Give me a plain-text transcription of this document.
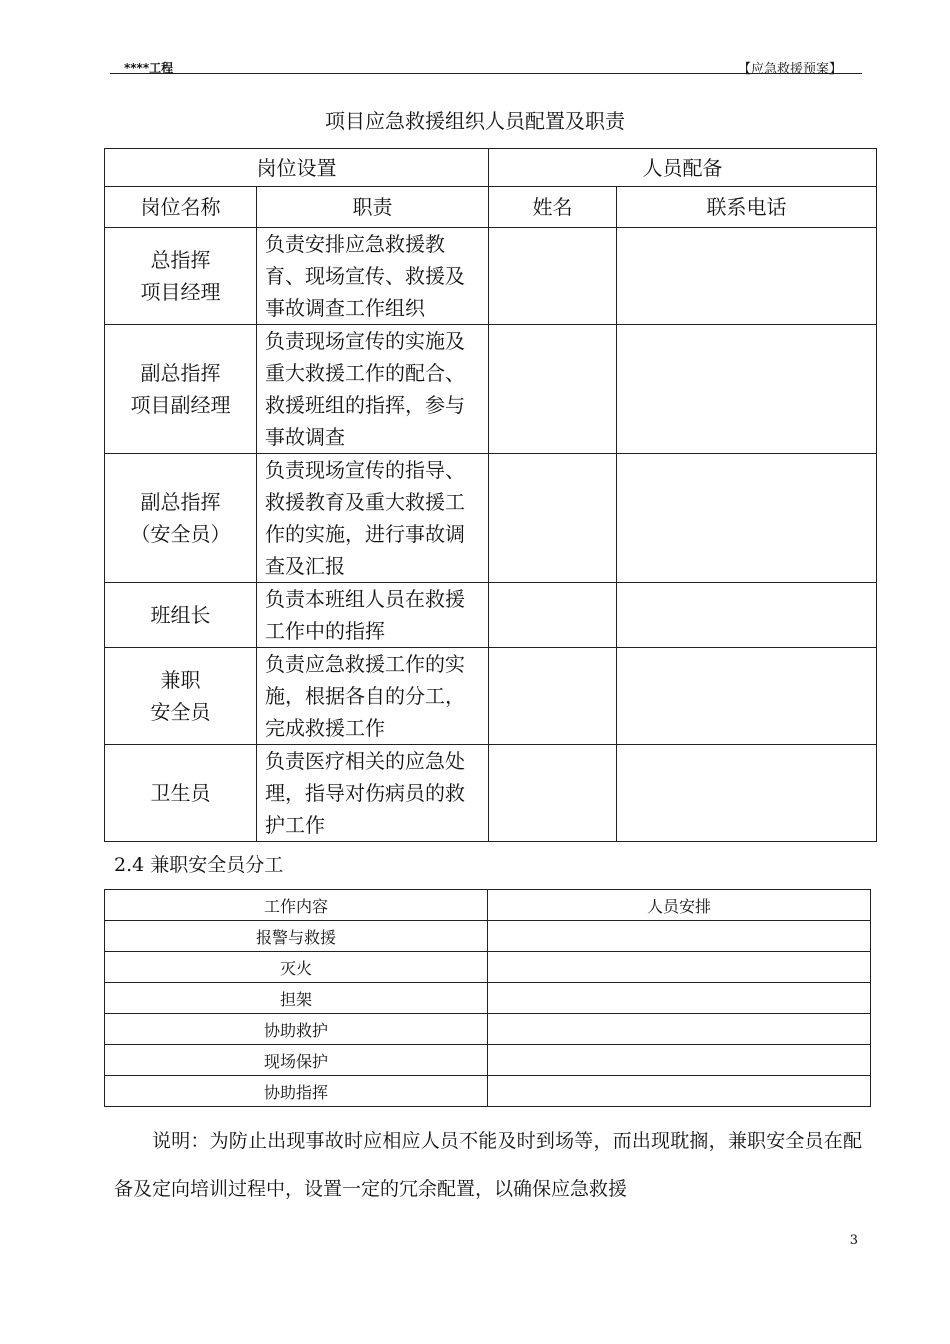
****工程	【应急救援预案】
项目应急救援组织人员配置及职责
岗位设置		人员配备	
岗位名称	职责	姓名	联系电话

总指挥
项目经理	负责安排应急救援教育、现场宣传、救援及事故调查工作组织		

副总指挥
项目副经理	负责现场宣传的实施及重大救援工作的配合、救援班组的指挥，参与事故调查		

副总指挥
（安全员）	负责现场宣传的指导、救援教育及重大救援工作的实施，进行事故调查及汇报		

班组长	负责本班组人员在救援工作中的指挥		

兼职
安全员	负责应急救援工作的实施，根据各自的分工，完成救援工作		

卫生员	负责医疗相关的应急处理，指导对伤病员的救护工作		
2.4 兼职安全员分工
工作内容	人员安排
报警与救援	
灭火	
担架	
协助救护	
现场保护	
协助指挥	
说明：为防止出现事故时应相应人员不能及时到场等，而出现耽搁，兼职安全员在配备及定向培训过程中，设置一定的冗余配置，以确保应急救援
3
